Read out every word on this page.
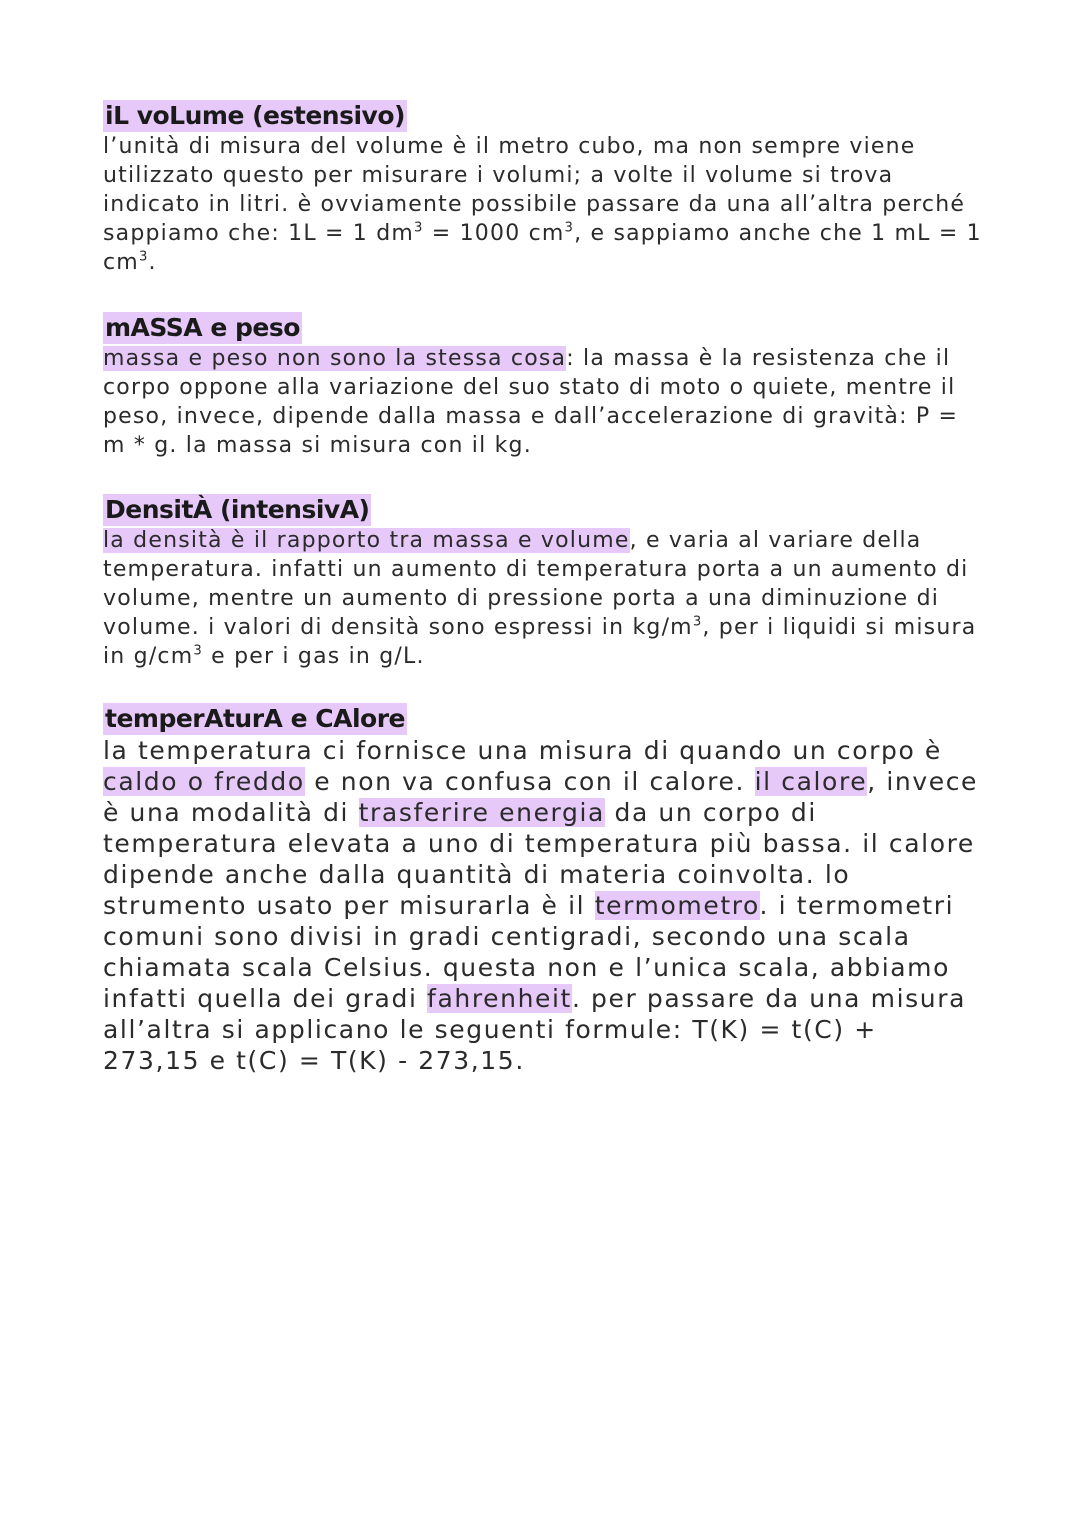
iL voLume (estensivo)

l’unità di misura del volume è il metro cubo, ma non sempre viene utilizzato questo per misurare i volumi; a volte il volume si trova indicato in litri. è ovviamente possibile passare da una all’altra perché sappiamo che: 1L = 1 $dm^3 = 1000$ $cm^3$, e sappiamo anche che 1 mL = 1 $cm^3$.

mASSA e peso

massa e peso non sono la stessa cosa: la massa è la resistenza che il corpo oppone alla variazione del suo stato di moto o quiete, mentre il peso, invece, dipende dalla massa e dall’accelerazione di gravità: P = m * g. la massa si misura con il kg.

DensitÀ (intensivA)

la densità è il rapporto tra massa e volume, e varia al variare della temperatura. infatti un aumento di temperatura porta a un aumento di volume, mentre un aumento di pressione porta a una diminuzione di volume. i valori di densità sono espressi in $kg/m^3$, per i liquidi si misura in $g/cm^3$ e per i gas in g/L.

temperAturA e CAlore

la temperatura ci fornisce una misura di quando un corpo è caldo o freddo e non va confusa con il calore. il calore, invece è una modalità di trasferire energia da un corpo di temperatura elevata a uno di temperatura più bassa. il calore dipende anche dalla quantità di materia coinvolta. lo strumento usato per misurarla è il termometro. i termometri comuni sono divisi in gradi centigradi, secondo una scala chiamata scala Celsius. questa non e l’unica scala, abbiamo infatti quella dei gradi fahrenheit. per passare da una misura all’altra si applicano le seguenti formule: T(K) = t(C) + 273,15 e t(C) = T(K) - 273,15.
